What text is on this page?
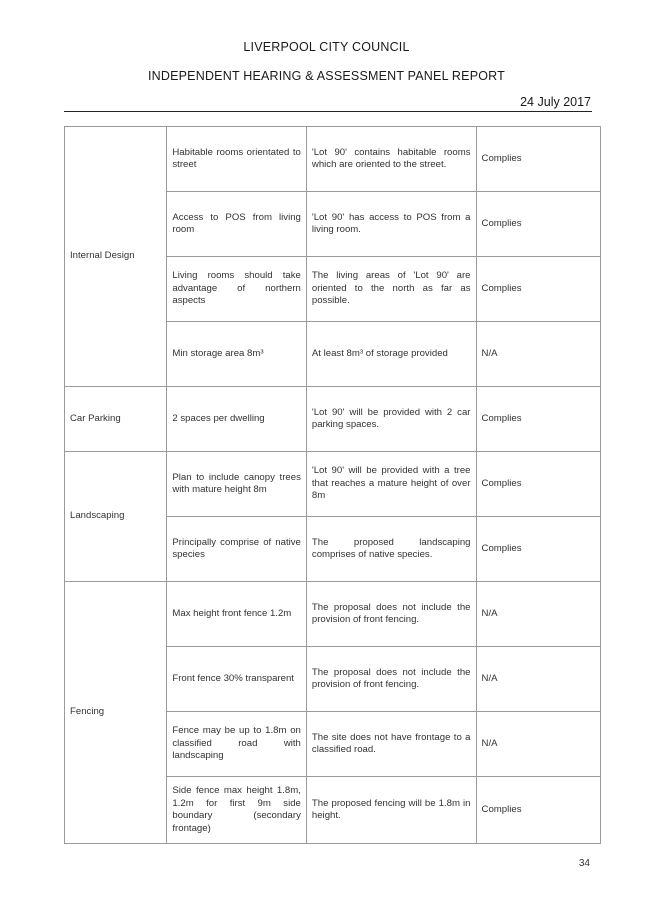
LIVERPOOL CITY COUNCIL
INDEPENDENT HEARING & ASSESSMENT PANEL REPORT
24 July 2017
Internal Design	Habitable rooms orientated to street	'Lot 90' contains habitable rooms which are oriented to the street.	Complies
	Access to POS from living room	'Lot 90' has access to POS from a living room.	Complies
	Living rooms should take advantage of northern aspects	The living areas of 'Lot 90' are oriented to the north as far as possible.	Complies
	Min storage area 8m³	At least 8m³ of storage provided	N/A
Car Parking	2 spaces per dwelling	'Lot 90' will be provided with 2 car parking spaces.	Complies
Landscaping	Plan to include canopy trees with mature height 8m	'Lot 90' will be provided with a tree that reaches a mature height of over 8m	Complies
	Principally comprise of native species	The proposed landscaping comprises of native species.	Complies
Fencing	Max height front fence 1.2m	The proposal does not include the provision of front fencing.	N/A
	Front fence 30% transparent	The proposal does not include the provision of front fencing.	N/A
	Fence may be up to 1.8m on classified road with landscaping	The site does not have frontage to a classified road.	N/A
	Side fence max height 1.8m, 1.2m for first 9m side boundary (secondary frontage)	The proposed fencing will be 1.8m in height.	Complies
34
